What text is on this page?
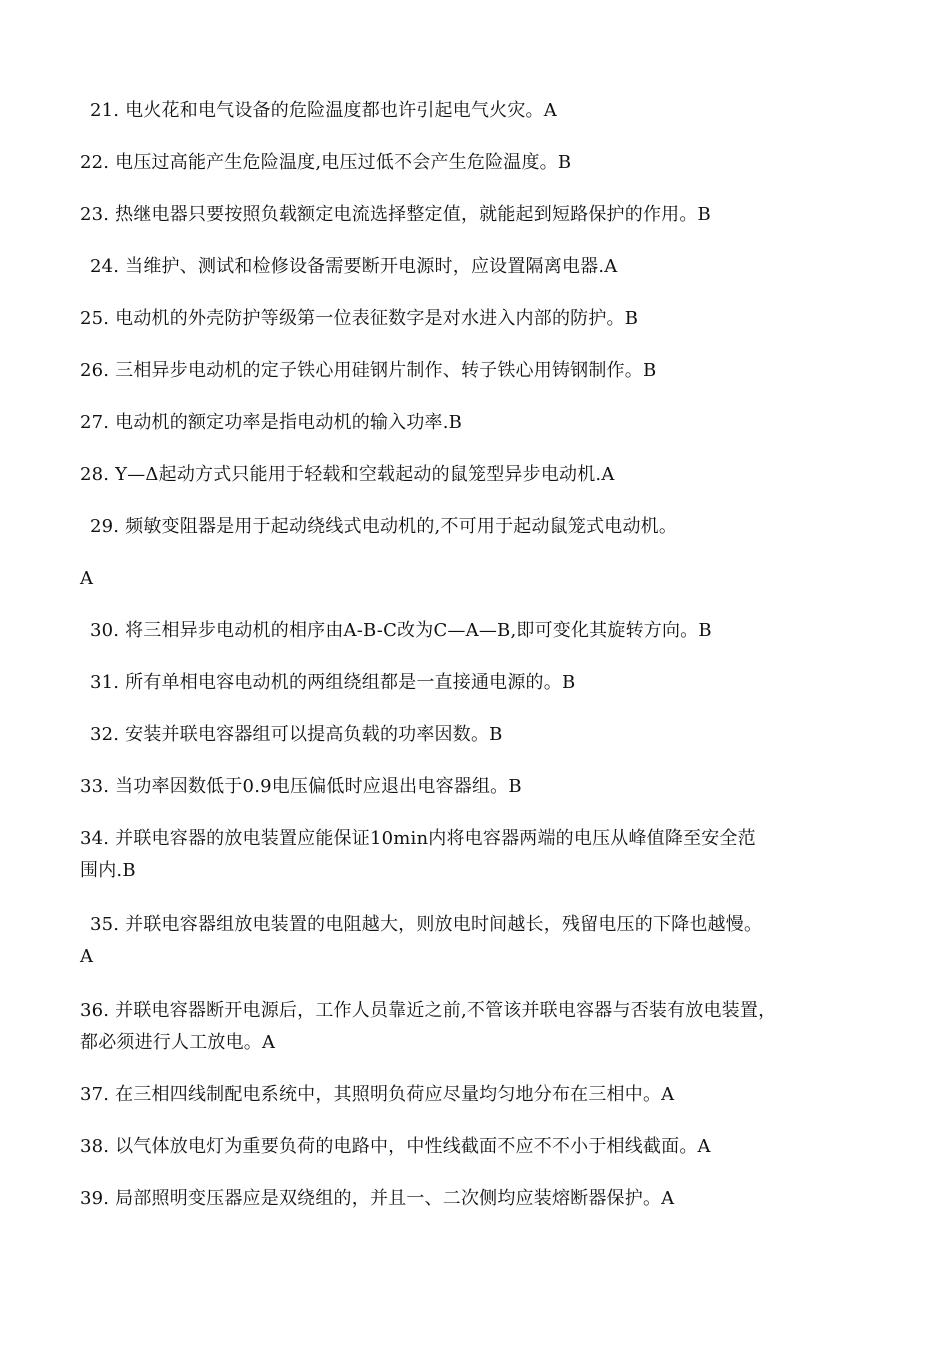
21. 电火花和电气设备的危险温度都也许引起电气火灾。A
22. 电压过高能产生危险温度,电压过低不会产生危险温度。B
23. 热继电器只要按照负载额定电流选择整定值，就能起到短路保护的作用。B
24. 当维护、测试和检修设备需要断开电源时，应设置隔离电器.A
25. 电动机的外壳防护等级第一位表征数字是对水进入内部的防护。B
26. 三相异步电动机的定子铁心用硅钢片制作、转子铁心用铸钢制作。B
27. 电动机的额定功率是指电动机的输入功率.B
28. Y—Δ起动方式只能用于轻载和空载起动的鼠笼型异步电动机.A
29. 频敏变阻器是用于起动绕线式电动机的,不可用于起动鼠笼式电动机。
A
30. 将三相异步电动机的相序由A-B-C改为C—A—B,即可变化其旋转方向。B
31. 所有单相电容电动机的两组绕组都是一直接通电源的。B
32. 安装并联电容器组可以提高负载的功率因数。B
33. 当功率因数低于0.9电压偏低时应退出电容器组。B
34. 并联电容器的放电装置应能保证10min内将电容器两端的电压从峰值降至安全范
围内.B
35. 并联电容器组放电装置的电阻越大，则放电时间越长，残留电压的下降也越慢。
A
36. 并联电容器断开电源后，工作人员靠近之前,不管该并联电容器与否装有放电装置，
都必须进行人工放电。A
37. 在三相四线制配电系统中，其照明负荷应尽量均匀地分布在三相中。A
38. 以气体放电灯为重要负荷的电路中，中性线截面不应不不小于相线截面。A
39. 局部照明变压器应是双绕组的，并且一、二次侧均应装熔断器保护。A
